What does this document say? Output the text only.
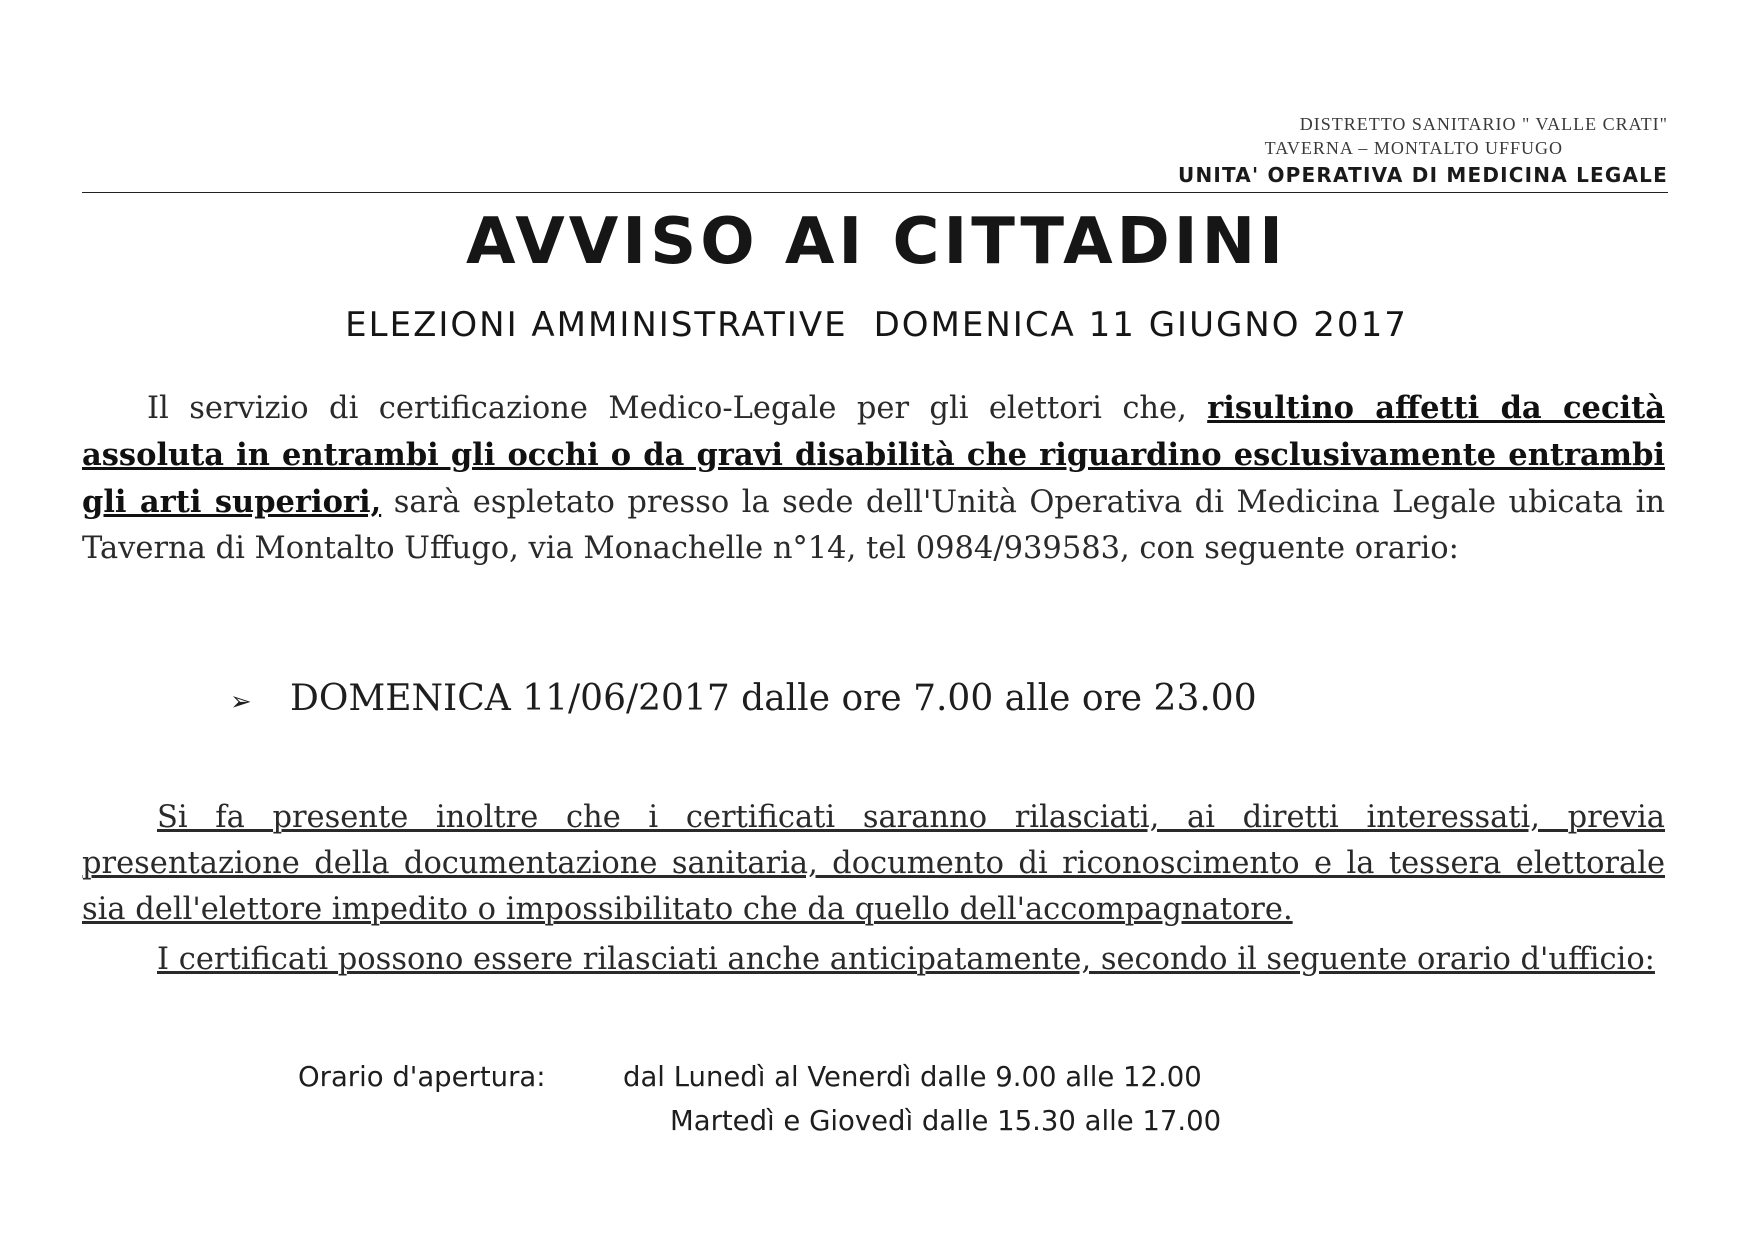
DISTRETTO SANITARIO " VALLE CRATI"
TAVERNA – MONTALTO UFFUGO
UNITA' OPERATIVA DI MEDICINA LEGALE
AVVISO AI CITTADINI
ELEZIONI AMMINISTRATIVE DOMENICA 11 GIUGNO 2017
Il servizio di certificazione Medico-Legale per gli elettori che, risultino affetti da cecità assoluta in entrambi gli occhi o da gravi disabilità che riguardino esclusivamente entrambi gli arti superiori, sarà espletato presso la sede dell'Unità Operativa di Medicina Legale ubicata in Taverna di Montalto Uffugo, via Monachelle n°14, tel 0984/939583, con seguente orario:
➢ DOMENICA 11/06/2017 dalle ore 7.00 alle ore 23.00
Si fa presente inoltre che i certificati saranno rilasciati, ai diretti interessati, previa presentazione della documentazione sanitaria, documento di riconoscimento e la tessera elettorale sia dell'elettore impedito o impossibilitato che da quello dell'accompagnatore.
I certificati possono essere rilasciati anche anticipatamente, secondo il seguente orario d'ufficio:
Orario d'apertura:	dal Lunedì al Venerdì dalle 9.00 alle 12.00
Martedì e Giovedì dalle 15.30 alle 17.00
